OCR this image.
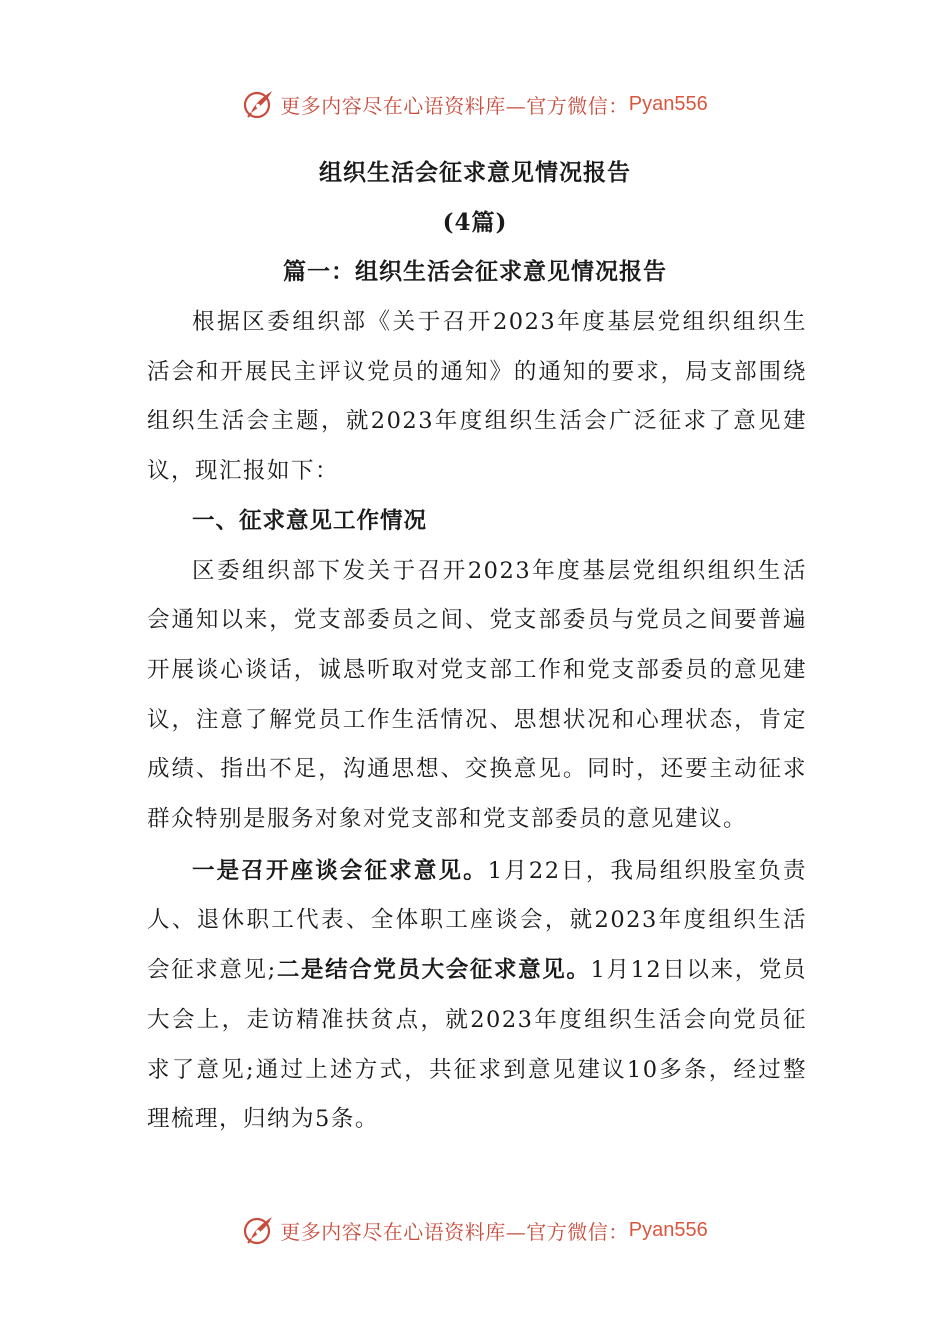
更多内容尽在心语资料库—官方微信： Pyan556
组织生活会征求意见情况报告
(4篇)
篇一：组织生活会征求意见情况报告

根据区委组织部《关于召开2023年度基层党组织组织生活会和开展民主评议党员的通知》的通知的要求，局支部围绕组织生活会主题，就2023年度组织生活会广泛征求了意见建议，现汇报如下：

一、征求意见工作情况

区委组织部下发关于召开2023年度基层党组织组织生活会通知以来，党支部委员之间、党支部委员与党员之间要普遍开展谈心谈话，诚恳听取对党支部工作和党支部委员的意见建议，注意了解党员工作生活情况、思想状况和心理状态，肯定成绩、指出不足，沟通思想、交换意见。同时，还要主动征求群众特别是服务对象对党支部和党支部委员的意见建议。

一是召开座谈会征求意见。1月22日，我局组织股室负责人、退休职工代表、全体职工座谈会，就2023年度组织生活会征求意见;二是结合党员大会征求意见。1月12日以来，党员大会上，走访精准扶贫点，就2023年度组织生活会向党员征求了意见;通过上述方式，共征求到意见建议10多条，经过整理梳理，归纳为5条。

更多内容尽在心语资料库—官方微信： Pyan556
